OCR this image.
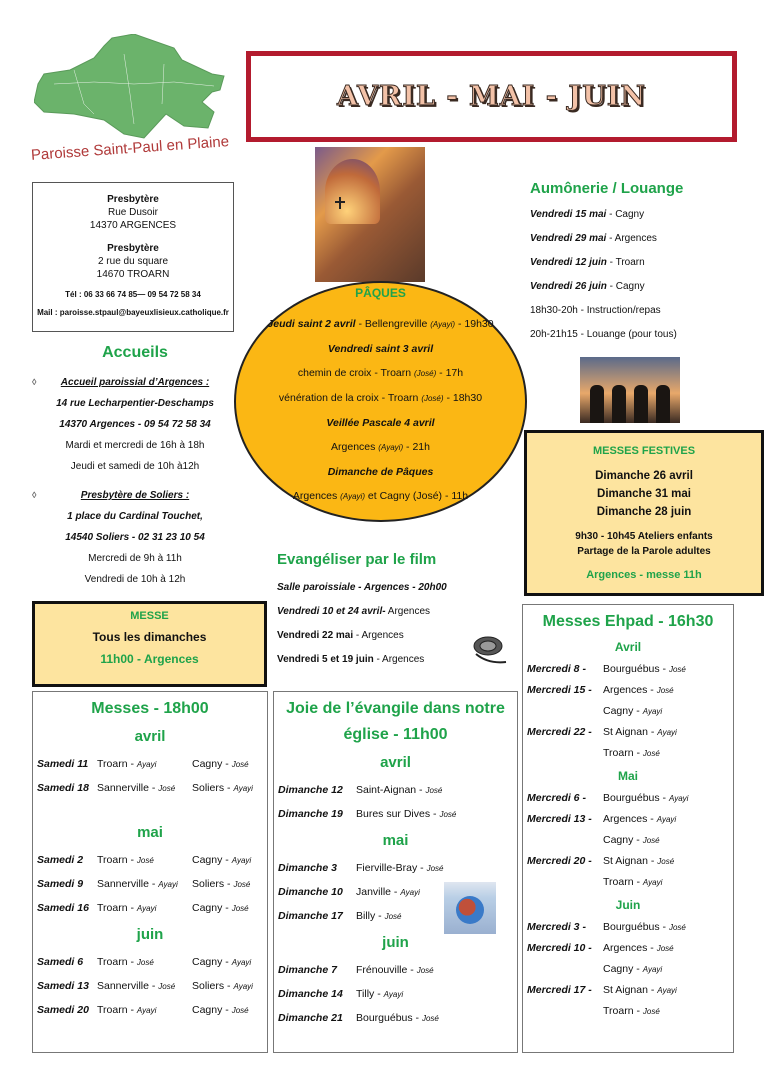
Paroisse Saint-Paul en Plaine
AVRIL - MAI - JUIN
Presbytère
Rue Dusoir
14370 ARGENCES
Presbytère
2 rue du square
14670 TROARN
Tél : 06 33 66 74 85— 09 54 72 58 34
Mail : paroisse.stpaul@bayeuxlisieux.catholique.fr
Accueils
◊ Accueil paroissial d’Argences :
14 rue Lecharpentier-Deschamps
14370 Argences - 09 54 72 58 34
Mardi et mercredi de 16h à 18h
Jeudi et samedi de 10h à12h
◊	Presbytère de Soliers :
1 place du Cardinal Touchet,
14540 Soliers - 02 31 23 10 54
Mercredi de 9h à 11h
Vendredi de 10h à 12h
PÂQUES
Jeudi saint 2 avril - Bellengreville (Ayayi) - 19h30
Vendredi saint 3 avril
chemin de croix - Troarn (José) - 17h
vénération de la croix - Troarn (José) - 18h30
Veillée Pascale 4 avril
Argences (Ayayi) - 21h
Dimanche de Pâques
Argences (Ayayi) et Cagny (José) - 11h
Aumônerie / Louange
Vendredi 15 mai - Cagny
Vendredi 29 mai - Argences
Vendredi 12 juin - Troarn
Vendredi 26 juin - Cagny
18h30-20h - Instruction/repas
20h-21h15 - Louange (pour tous)
MESSES FESTIVES
Dimanche 26 avril
Dimanche 31 mai
Dimanche 28 juin
9h30 - 10h45 Ateliers enfants
Partage de la Parole adultes
Argences - messe 11h
Evangéliser par le film
Salle paroissiale - Argences - 20h00
Vendredi 10 et 24 avril- Argences
Vendredi 22 mai - Argences
Vendredi 5 et 19 juin - Argences
MESSE
Tous les dimanches
11h00 - Argences
Messes - 18h00
avril
Samedi 11 Troarn - Ayayi	Cagny - José
Samedi 18 Sannerville - José Soliers - Ayayi
mai
Samedi 2 Troarn - José	Cagny - Ayayi
Samedi 9 Sannerville - Ayayi Soliers - José
Samedi 16 Troarn - Ayayi	Cagny - José
juin
Samedi 6 Troarn - José	Cagny - Ayayi
Samedi 13 Sannerville - José Soliers - Ayayi
Samedi 20 Troarn - Ayayi	Cagny - José
Joie de l’évangile dans notre
église - 11h00
avril
Dimanche 12 Saint-Aignan - José
Dimanche 19 Bures sur Dives - José
mai
Dimanche 3 Fierville-Bray - José
Dimanche 10 Janville - Ayayi
Dimanche 17 Billy - José
juin
Dimanche 7 Frénouville - José
Dimanche 14 Tilly - Ayayi
Dimanche 21 Bourguébus - José
Messes Ehpad - 16h30
Avril
Mercredi 8 - Bourguébus - José
Mercredi 15 - Argences - José
Cagny - Ayayi
Mercredi 22 - St Aignan - Ayayi
Troarn - José
Mai
Mercredi 6 - Bourguébus - Ayayi
Mercredi 13 - Argences - Ayayi
Cagny - José
Mercredi 20 - St Aignan - José
Troarn - Ayayi
Juin
Mercredi 3 - Bourguébus - José
Mercredi 10 - Argences - José
Cagny - Ayayi
Mercredi 17 - St Aignan - Ayayi
Troarn - José
